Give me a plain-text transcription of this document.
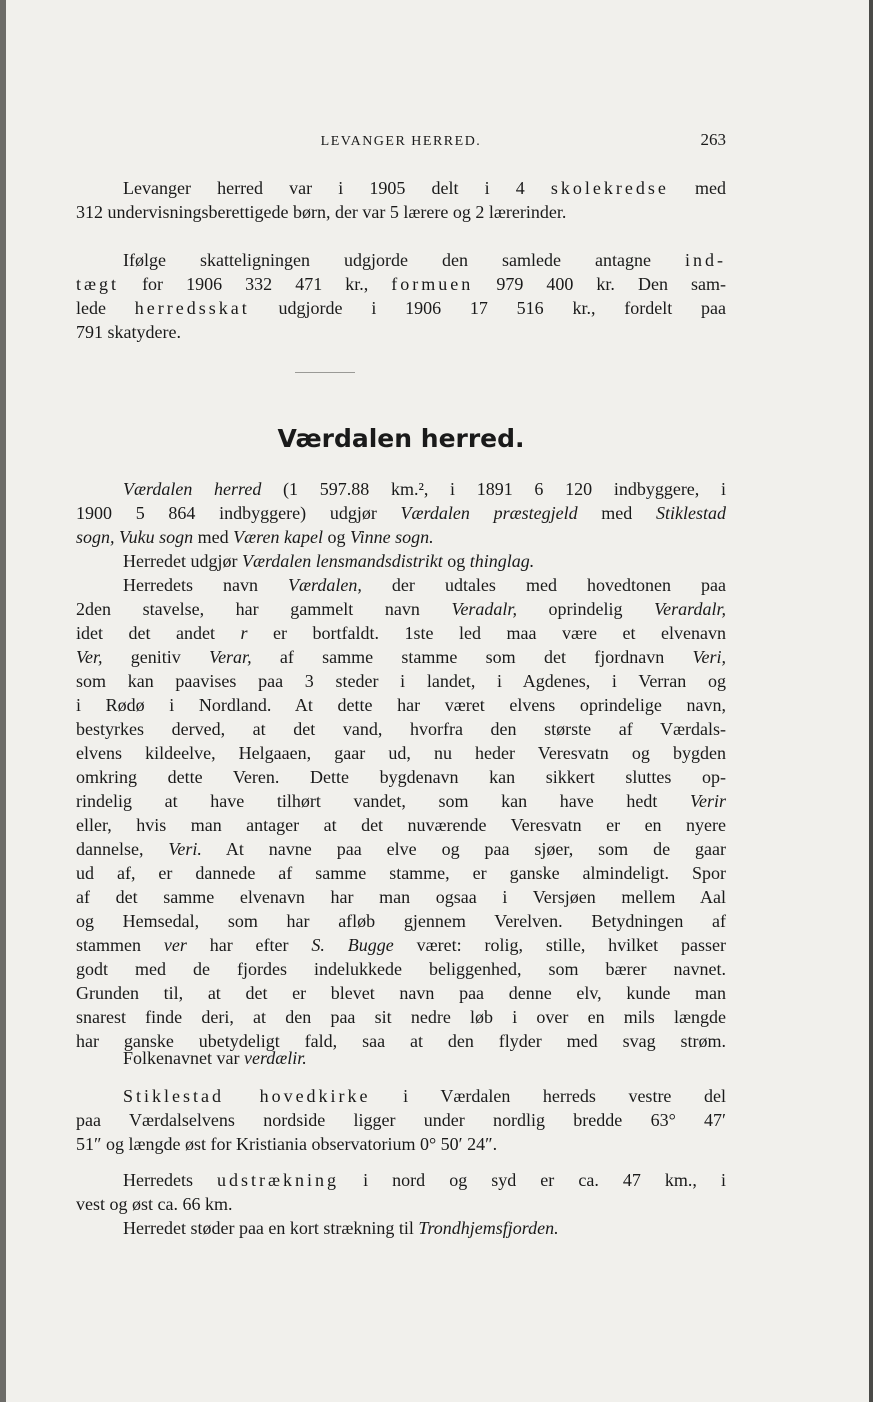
LEVANGER HERRED.	263

Levanger herred var i 1905 delt i 4 skolekredse med
312 undervisningsberettigede børn, der var 5 lærere og 2 lærerinder.

Ifølge skatteligningen udgjorde den samlede antagne ind-
tægt for 1906 332 471 kr., formuen 979 400 kr. Den sam-
lede herredsskat udgjorde i 1906 17 516 kr., fordelt paa
791 skatydere.

Værdalen herred.

Værdalen herred (1 597.88 km.², i 1891 6 120 indbyggere, i
1900 5 864 indbyggere) udgjør Værdalen præstegjeld med Stiklestad
sogn, Vuku sogn med Væren kapel og Vinne sogn.

Herredet udgjør Værdalen lensmandsdistrikt og thinglag.

Herredets navn Værdalen, der udtales med hovedtonen paa
2den stavelse, har gammelt navn Veradalr, oprindelig Verardalr,
idet det andet r er bortfaldt. 1ste led maa være et elvenavn
Ver, genitiv Verar, af samme stamme som det fjordnavn Veri,
som kan paavises paa 3 steder i landet, i Agdenes, i Verran og
i Rødø i Nordland. At dette har været elvens oprindelige navn,
bestyrkes derved, at det vand, hvorfra den største af Værdals-
elvens kildeelve, Helgaaen, gaar ud, nu heder Veresvatn og bygden
omkring dette Veren. Dette bygdenavn kan sikkert sluttes op-
rindelig at have tilhørt vandet, som kan have hedt Verir
eller, hvis man antager at det nuværende Veresvatn er en nyere
dannelse, Veri. At navne paa elve og paa sjøer, som de gaar
ud af, er dannede af samme stamme, er ganske almindeligt. Spor
af det samme elvenavn har man ogsaa i Versjøen mellem Aal
og Hemsedal, som har afløb gjennem Verelven. Betydningen af
stammen ver har efter S. Bugge været: rolig, stille, hvilket passer
godt med de fjordes indelukkede beliggenhed, som bærer navnet.
Grunden til, at det er blevet navn paa denne elv, kunde man
snarest finde deri, at den paa sit nedre løb i over en mils længde
har ganske ubetydeligt fald, saa at den flyder med svag strøm.

Folkenavnet var verdælir.

Stiklestad hovedkirke i Værdalen herreds vestre del
paa Værdalselvens nordside ligger under nordlig bredde 63° 47′
51″ og længde øst for Kristiania observatorium 0° 50′ 24″.

Herredets udstrækning i nord og syd er ca. 47 km., i
vest og øst ca. 66 km.

Herredet støder paa en kort strækning til Trondhjemsfjorden.
